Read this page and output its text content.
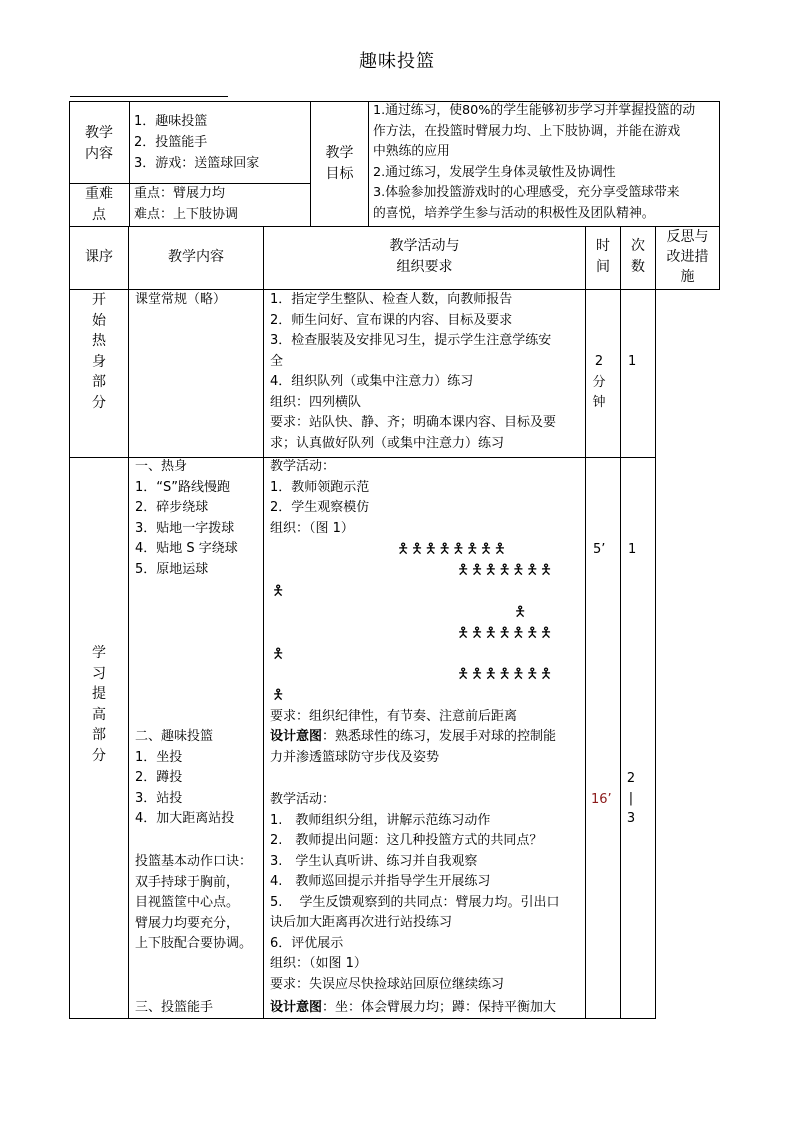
趣味投篮
教学
内容
1．趣味投篮
2．投篮能手
3．游戏：送篮球回家
重难
点
重点：臂展力均
难点：上下肢协调
教学
目标
1.通过练习，使80%的学生能够初步学习并掌握投篮的动
作方法，在投篮时臂展力均、上下肢协调，并能在游戏
中熟练的应用
2.通过练习，发展学生身体灵敏性及协调性
3.体验参加投篮游戏时的心理感受，充分享受篮球带来
的喜悦，培养学生参与活动的积极性及团队精神。
课序	教学内容
教学活动与
组织要求
时
间
次
数
反思与
改进措
施
开
始
热
身
部
分
课堂常规（略）	1．指定学生整队、检查人数，向教师报告
2．师生问好、宣布课的内容、目标及要求
3．检查服装及安排见习生，提示学生注意学练安
全
4．组织队列（或集中注意力）练习
组织：四列横队
要求：站队快、静、齐；明确本课内容、目标及要
求；认真做好队列（或集中注意力）练习
2
分
钟
1
学
习
提
高
部
分
一、热身
1．“S”路线慢跑
2．碎步绕球
3．贴地一字拨球
4．贴地 S 字绕球
5．原地运球
二、趣味投篮
1．坐投
2．蹲投
3．站投
4．加大距离站投
投篮基本动作口诀：
双手持球于胸前，
目视篮筐中心点。
臂展力均要充分，
上下肢配合要协调。
三、投篮能手
教学活动：
1．教师领跑示范
2．学生观察模仿
组织：（图 1）
🯅🯅🯅🯅🯅🯅🯅🯅
🯅🯅🯅🯅🯅🯅🯅
🯅
🯅
🯅🯅🯅🯅🯅🯅🯅
🯅
🯅🯅🯅🯅🯅🯅🯅
🯅
要求：组织纪律性，有节奏、注意前后距离
设计意图：熟悉球性的练习，发展手对球的控制能
力并渗透篮球防守步伐及姿势
教学活动：
1.　教师组织分组，讲解示范练习动作
2.　教师提出问题：这几种投篮方式的共同点？
3.　学生认真听讲、练习并自我观察
4.　教师巡回提示并指导学生开展练习
5.　 学生反馈观察到的共同点：臂展力均。引出口
诀后加大距离再次进行站投练习
6．评优展示
组织：（如图 1）
要求：失误应尽快捡球站回原位继续练习
设计意图：坐：体会臂展力均；蹲：保持平衡加大
5’ 1
16’
2
|
3
